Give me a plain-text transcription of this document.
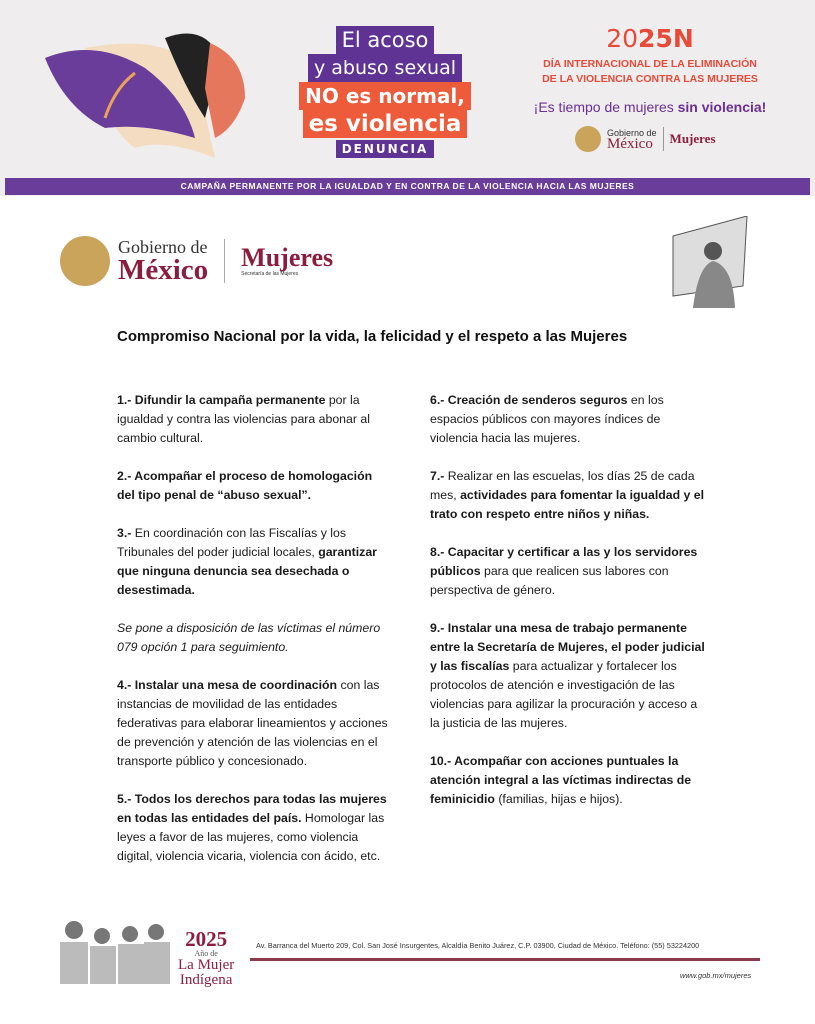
El acoso
y abuso sexual
NO es normal,
es violencia
DENUNCIA
2025N
DÍA INTERNACIONAL DE LA ELIMINACIÓN
DE LA VIOLENCIA CONTRA LAS MUJERES
¡Es tiempo de mujeres sin violencia!
Gobierno de
México Mujeres
CAMPAÑA PERMANENTE POR LA IGUALDAD Y EN CONTRA DE LA VIOLENCIA HACIA LAS MUJERES
Gobierno de
México Mujeres
Secretaría de las Mujeres
Compromiso Nacional por la vida, la felicidad y el respeto a las Mujeres

1.- Difundir la campaña permanente por la igualdad y contra las violencias para abonar al cambio cultural.

2.- Acompañar el proceso de homologación del tipo penal de “abuso sexual”.

3.- En coordinación con las Fiscalías y los Tribunales del poder judicial locales, garantizar que ninguna denuncia sea desechada o desestimada.

Se pone a disposición de las víctimas el número 079 opción 1 para seguimiento.

4.- Instalar una mesa de coordinación con las instancias de movilidad de las entidades federativas para elaborar lineamientos y acciones de prevención y atención de las violencias en el transporte público y concesionado.

5.- Todos los derechos para todas las mujeres en todas las entidades del país. Homologar las leyes a favor de las mujeres, como violencia digital, violencia vicaria, violencia con ácido, etc.

6.- Creación de senderos seguros en los espacios públicos con mayores índices de violencia hacia las mujeres.

7.- Realizar en las escuelas, los días 25 de cada mes, actividades para fomentar la igualdad y el trato con respeto entre niños y niñas.

8.- Capacitar y certificar a las y los servidores públicos para que realicen sus labores con perspectiva de género.

9.- Instalar una mesa de trabajo permanente entre la Secretaría de Mujeres, el poder judicial y las fiscalías para actualizar y fortalecer los protocolos de atención e investigación de las violencias para agilizar la procuración y acceso a la justicia de las mujeres.

10.- Acompañar con acciones puntuales la atención integral a las víctimas indirectas de feminicidio (familias, hijas e hijos).

2025
Año de
La Mujer
Indígena
Av. Barranca del Muerto 209, Col. San José Insurgentes, Alcaldía Benito Juárez, C.P. 03900, Ciudad de México. Teléfono: (55) 53224200
www.gob.mx/mujeres
